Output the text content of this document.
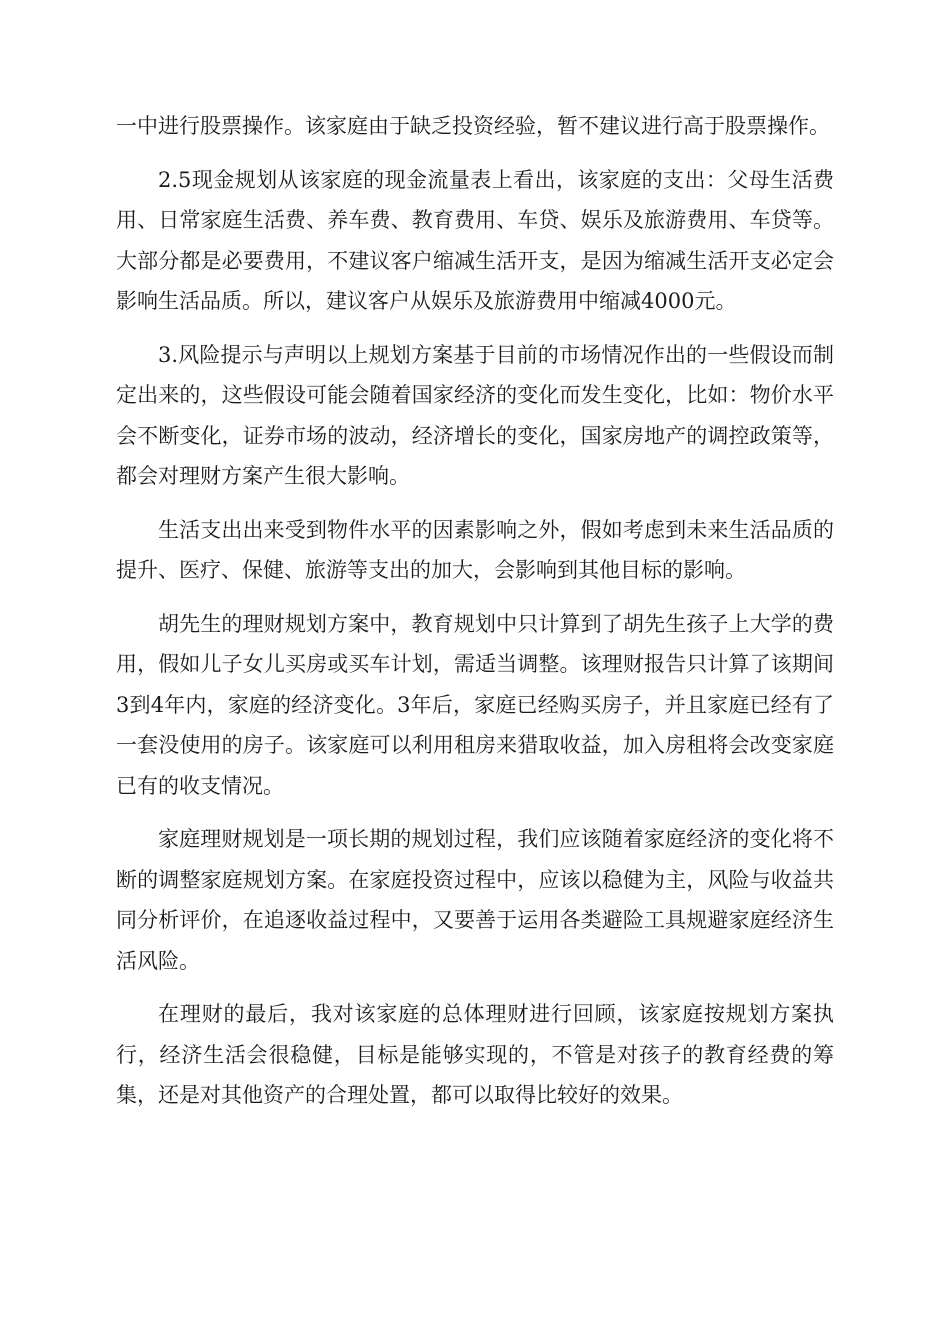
一中进行股票操作。该家庭由于缺乏投资经验，暂不建议进行高于股票操作。

2.5现金规划从该家庭的现金流量表上看出，该家庭的支出：父母生活费用、日常家庭生活费、养车费、教育费用、车贷、娱乐及旅游费用、车贷等。大部分都是必要费用，不建议客户缩减生活开支，是因为缩减生活开支必定会影响生活品质。所以，建议客户从娱乐及旅游费用中缩减4000元。

3.风险提示与声明以上规划方案基于目前的市场情况作出的一些假设而制定出来的，这些假设可能会随着国家经济的变化而发生变化，比如：物价水平会不断变化，证券市场的波动，经济增长的变化，国家房地产的调控政策等，都会对理财方案产生很大影响。

生活支出出来受到物件水平的因素影响之外，假如考虑到未来生活品质的提升、医疗、保健、旅游等支出的加大，会影响到其他目标的影响。

胡先生的理财规划方案中，教育规划中只计算到了胡先生孩子上大学的费用，假如儿子女儿买房或买车计划，需适当调整。该理财报告只计算了该期间3到4年内，家庭的经济变化。3年后，家庭已经购买房子，并且家庭已经有了一套没使用的房子。该家庭可以利用租房来猎取收益，加入房租将会改变家庭已有的收支情况。

家庭理财规划是一项长期的规划过程，我们应该随着家庭经济的变化将不断的调整家庭规划方案。在家庭投资过程中，应该以稳健为主，风险与收益共同分析评价，在追逐收益过程中，又要善于运用各类避险工具规避家庭经济生活风险。

在理财的最后，我对该家庭的总体理财进行回顾，该家庭按规划方案执行，经济生活会很稳健，目标是能够实现的，不管是对孩子的教育经费的筹集，还是对其他资产的合理处置，都可以取得比较好的效果。
